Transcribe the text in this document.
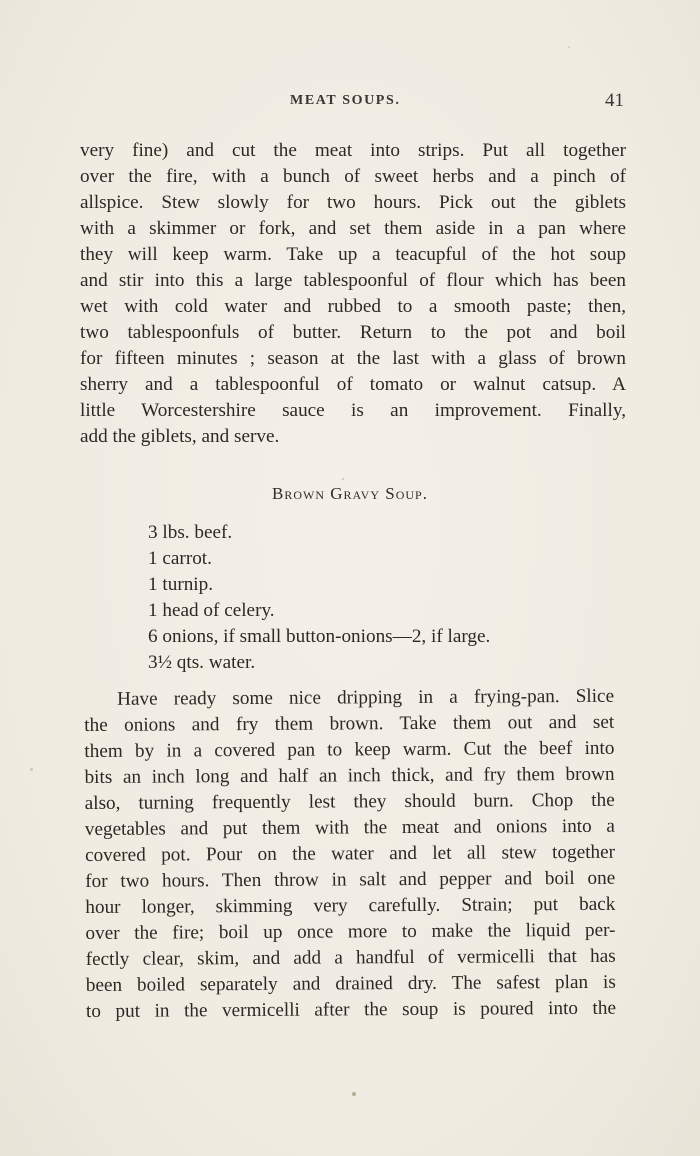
MEAT SOUPS.	41

very fine) and cut the meat into strips. Put all together
over the fire, with a bunch of sweet herbs and a pinch of
allspice. Stew slowly for two hours. Pick out the giblets
with a skimmer or fork, and set them aside in a pan where
they will keep warm. Take up a teacupful of the hot soup
and stir into this a large tablespoonful of flour which has been
wet with cold water and rubbed to a smooth paste; then,
two tablespoonfuls of butter. Return to the pot and boil
for fifteen minutes ; season at the last with a glass of brown
sherry and a tablespoonful of tomato or walnut catsup. A
little Worcestershire sauce is an improvement. Finally,
add the giblets, and serve.

Brown Gravy Soup.
3 lbs. beef.
1 carrot.
1 turnip.
1 head of celery.
6 onions, if small button-onions—2, if large.
3½ qts. water.

Have ready some nice dripping in a frying-pan. Slice
the onions and fry them brown. Take them out and set
them by in a covered pan to keep warm. Cut the beef into
bits an inch long and half an inch thick, and fry them brown
also, turning frequently lest they should burn. Chop the
vegetables and put them with the meat and onions into a
covered pot. Pour on the water and let all stew together
for two hours. Then throw in salt and pepper and boil one
hour longer, skimming very carefully. Strain; put back
over the fire; boil up once more to make the liquid per-
fectly clear, skim, and add a handful of vermicelli that has
been boiled separately and drained dry. The safest plan is
to put in the vermicelli after the soup is poured into the
